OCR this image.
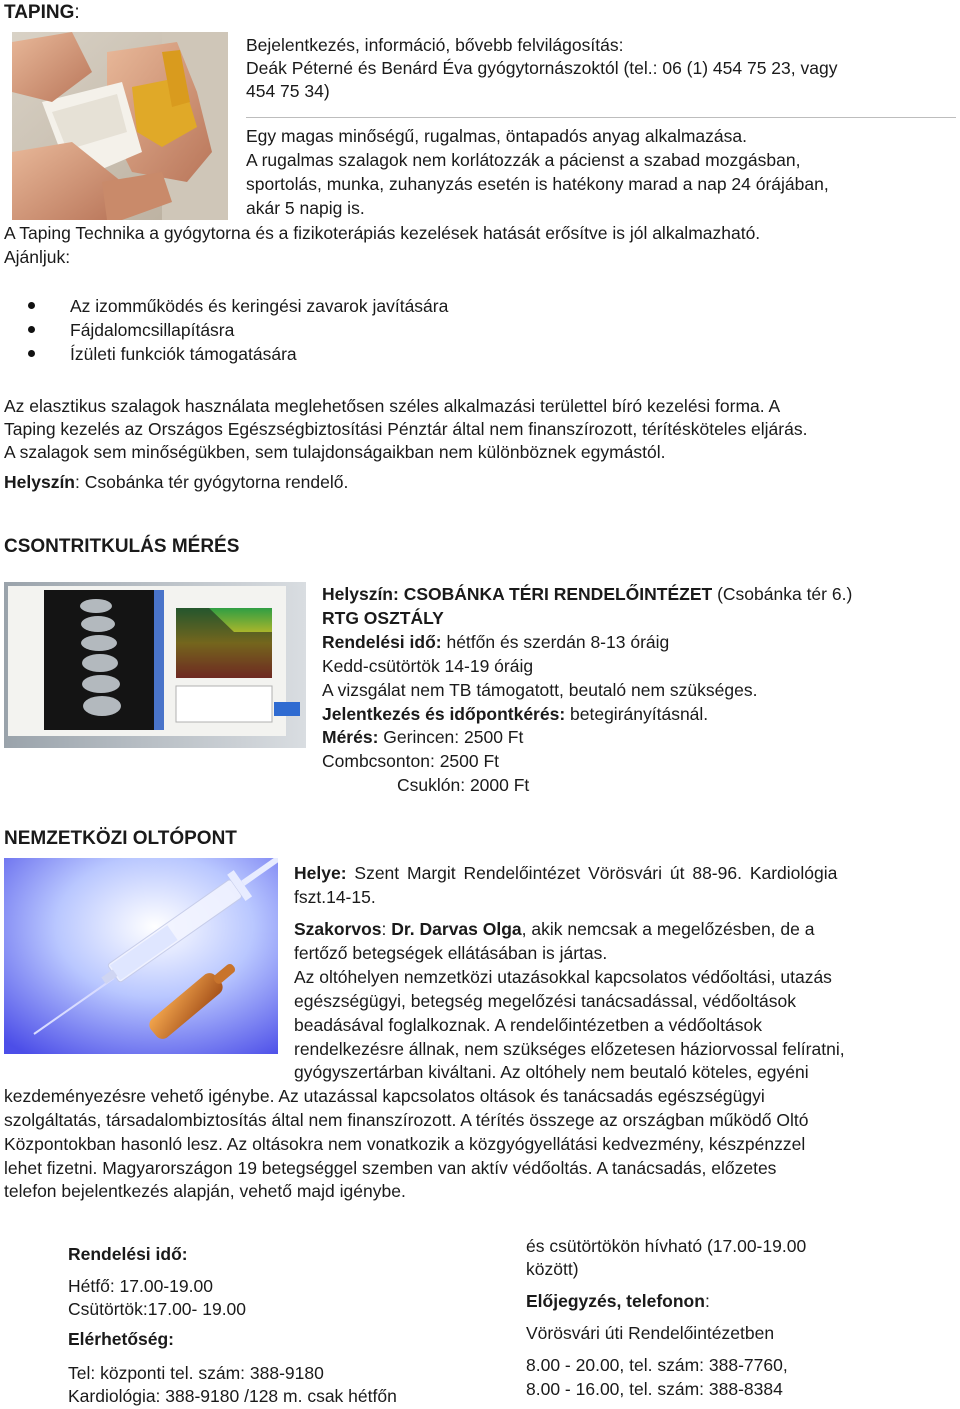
TAPING:
Bejelentkezés, információ, bővebb felvilágosítás:
Deák Péterné és Benárd Éva gyógytornászoktól (tel.: 06 (1) 454 75 23, vagy
454 75 34)
Egy magas minőségű, rugalmas, öntapadós anyag alkalmazása.
A rugalmas szalagok nem korlátozzák a pácienst a szabad mozgásban,
sportolás, munka, zuhanyzás esetén is hatékony marad a nap 24 órájában,
akár 5 napig is.
A Taping Technika a gyógytorna és a fizikoterápiás kezelések hatását erősítve is jól alkalmazható.
Ajánljuk:
Az izomműködés és keringési zavarok javítására
Fájdalomcsillapításra
Ízületi funkciók támogatására
Az elasztikus szalagok használata meglehetősen széles alkalmazási területtel bíró kezelési forma. A
Taping kezelés az Országos Egészségbiztosítási Pénztár által nem finanszírozott, térítésköteles eljárás.
A szalagok sem minőségükben, sem tulajdonságaikban nem különböznek egymástól.
Helyszín: Csobánka tér gyógytorna rendelő.
CSONTRITKULÁS MÉRÉS
Helyszín: CSOBÁNKA TÉRI RENDELŐINTÉZET (Csobánka tér 6.)
RTG OSZTÁLY
Rendelési idő: hétfőn és szerdán 8-13 óráig
Kedd-csütörtök 14-19 óráig
A vizsgálat nem TB támogatott, beutaló nem szükséges.
Jelentkezés és időpontkérés: betegirányításnál.
Mérés: Gerincen: 2500 Ft
Combcsonton: 2500 Ft
Csuklón: 2000 Ft
NEMZETKÖZI OLTÓPONT
Helye: Szent Margit Rendelőintézet Vörösvári út 88-96. Kardiológia
fszt.14-15.
Szakorvos: Dr. Darvas Olga, akik nemcsak a megelőzésben, de a
fertőző betegségek ellátásában is jártas.
Az oltóhelyen nemzetközi utazásokkal kapcsolatos védőoltási, utazás
egészségügyi, betegség megelőzési tanácsadással, védőoltások
beadásával foglalkoznak. A rendelőintézetben a védőoltások
rendelkezésre állnak, nem szükséges előzetesen háziorvossal felíratni,
gyógyszertárban kiváltani. Az oltóhely nem beutaló köteles, egyéni
kezdeményezésre vehető igénybe. Az utazással kapcsolatos oltások és tanácsadás egészségügyi
szolgáltatás, társadalombiztosítás által nem finanszírozott. A térítés összege az országban működő Oltó
Központokban hasonló lesz. Az oltásokra nem vonatkozik a közgyógyellátási kedvezmény, készpénzzel
lehet fizetni. Magyarországon 19 betegséggel szemben van aktív védőoltás. A tanácsadás, előzetes
telefon bejelentkezés alapján, vehető majd igénybe.
Rendelési idő:
Hétfő: 17.00-19.00
Csütörtök:17.00- 19.00
Elérhetőség:
Tel: központi tel. szám: 388-9180
Kardiológia: 388-9180 /128 m. csak hétfőn
és csütörtökön hívható (17.00-19.00
között)
Előjegyzés, telefonon:
Vörösvári úti Rendelőintézetben
8.00 - 20.00, tel. szám: 388-7760,
8.00 - 16.00, tel. szám: 388-8384
